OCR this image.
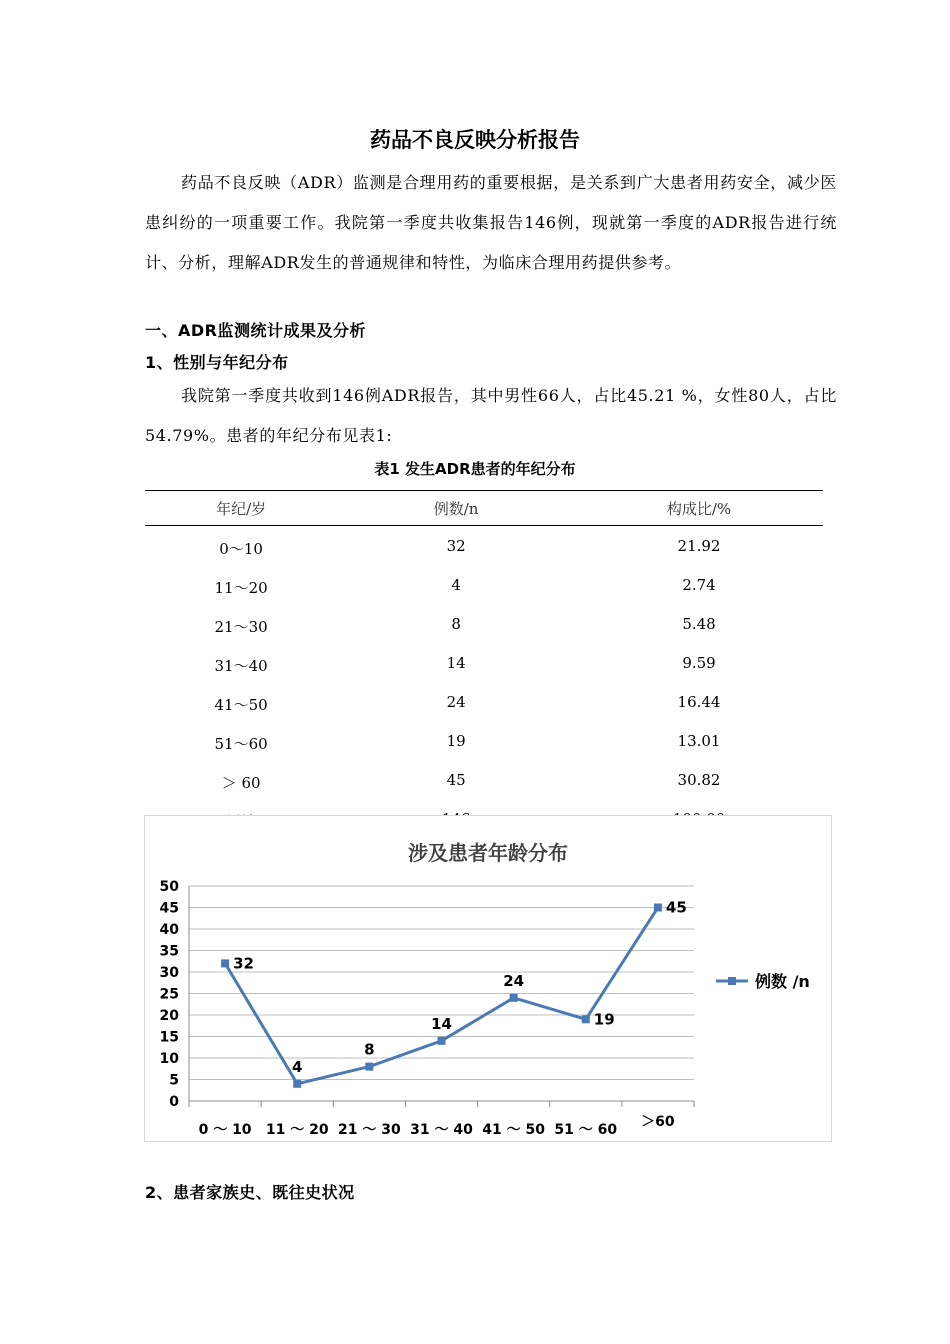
药品不良反映分析报告
药品不良反映（ADR）监测是合理用药的重要根据，是关系到广大患者用药安全，减少医患纠纷的一项重要工作。我院第一季度共收集报告146例，现就第一季度的ADR报告进行统计、分析，理解ADR发生的普通规律和特性，为临床合理用药提供参考。
一、ADR监测统计成果及分析
1、性别与年纪分布
我院第一季度共收到146例ADR报告，其中男性66人，占比45.21 %，女性80人，占比54.79%。患者的年纪分布见表1:
表1 发生ADR患者的年纪分布
年纪/岁	例数/n	构成比/%
0～10	32	21.92
11～20	4	2.74
21～30	8	5.48
31～40	14	9.59
41～50	24	16.44
51～60	19	13.01
＞ 60	45	30.82

涉及患者年龄分布
0
5
10
15
20
25
30
35
40
45
50
0 ～ 10 11 ～ 20 21 ～ 30 31 ～ 40 41 ～ 50 51 ～ 60 ＞60
32
4
8
14
24
19
45
例数 /n
2、患者家族史、既往史状况
